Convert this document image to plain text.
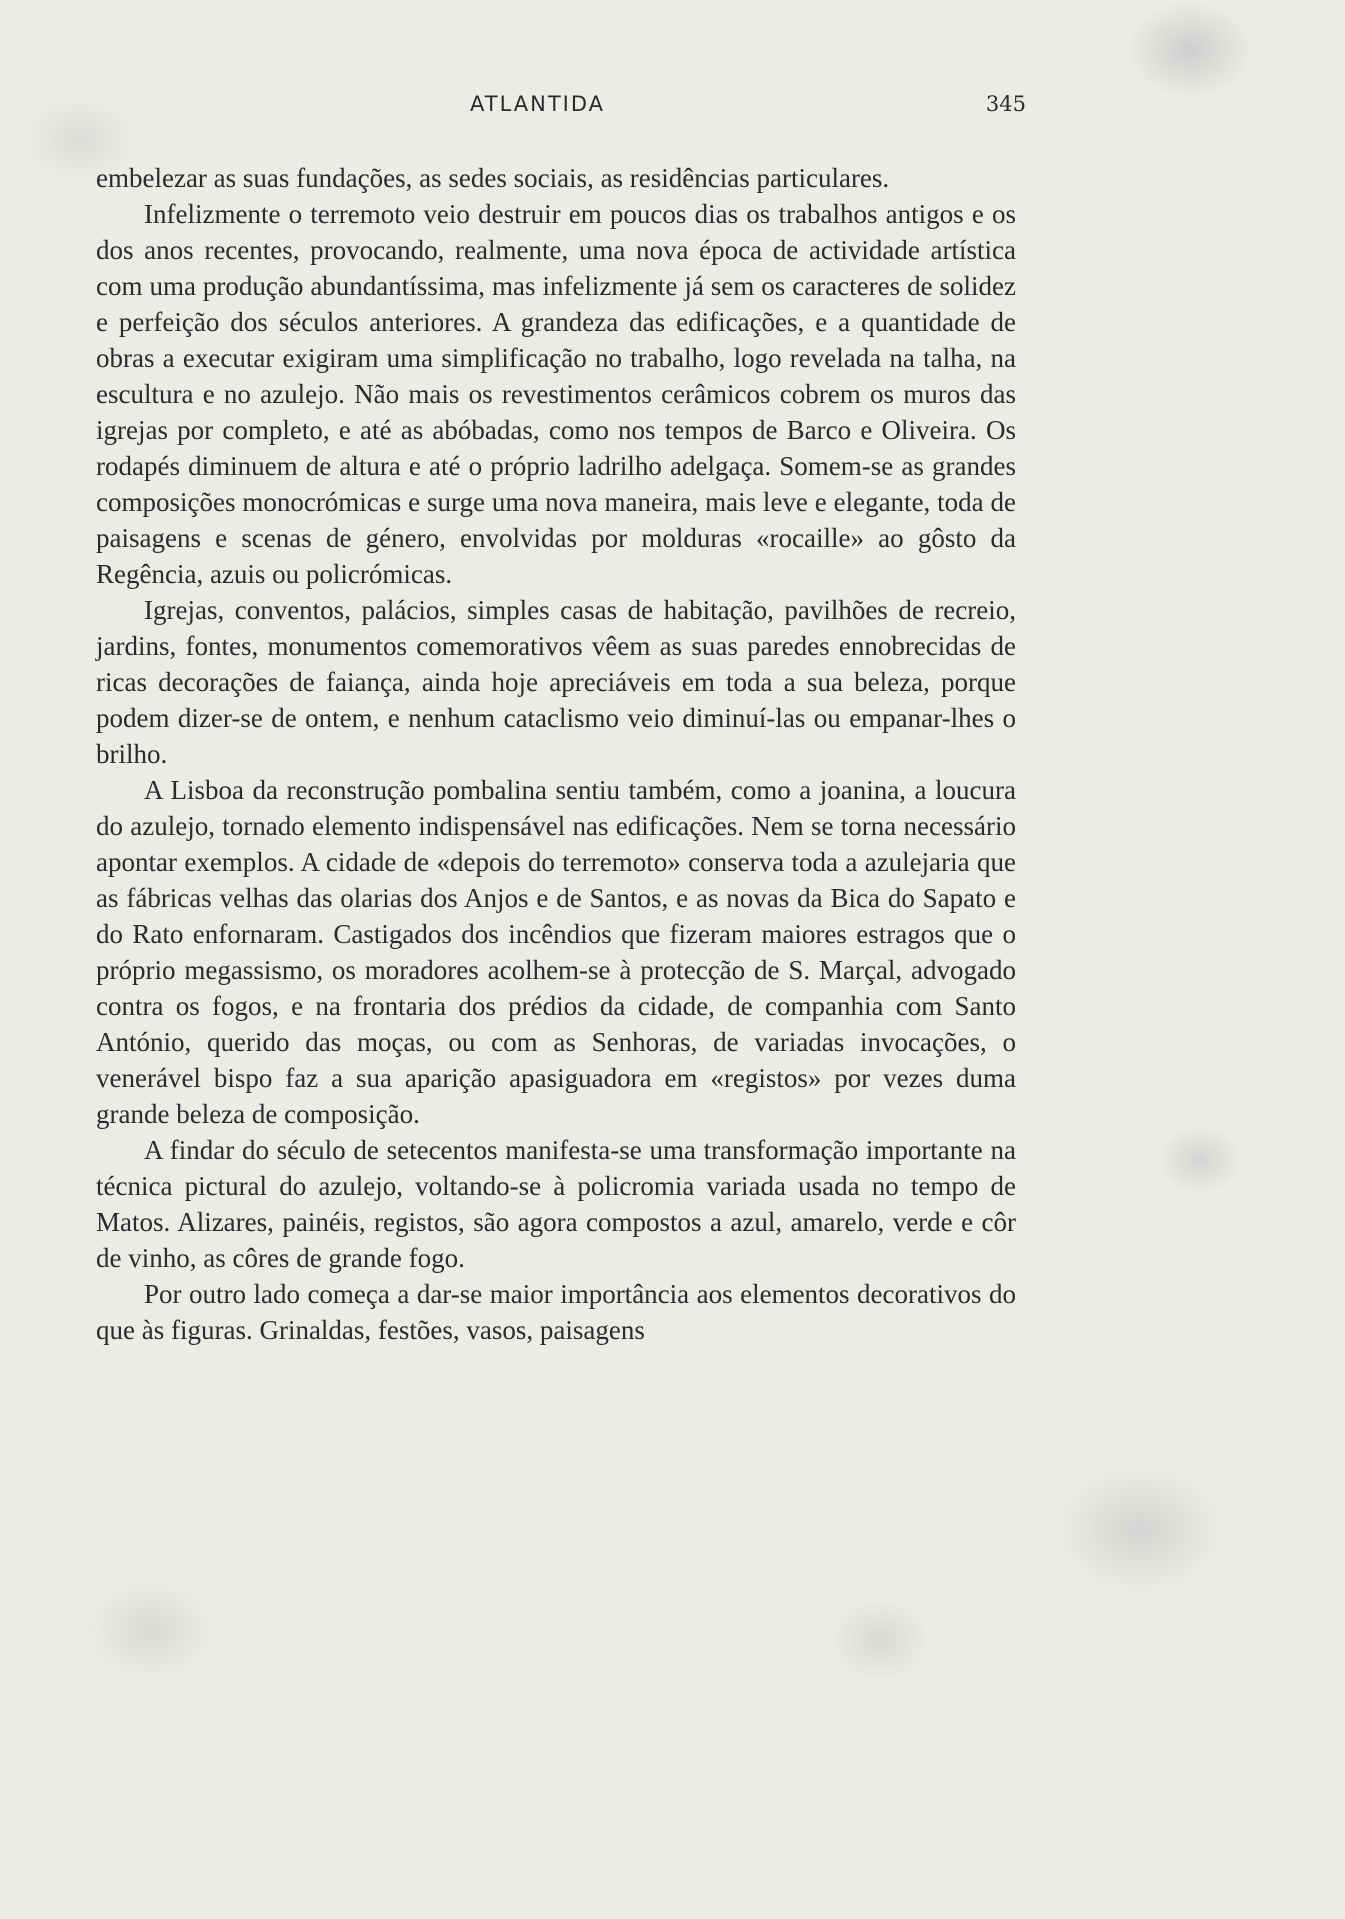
ATLANTIDA	345

embelezar as suas fundações, as sedes sociais, as residências particulares.

Infelizmente o terremoto veio destruir em poucos dias os trabalhos antigos e os dos anos recentes, provocando, realmente, uma nova época de actividade artística com uma produção abundantíssima, mas infelizmente já sem os caracteres de solidez e perfeição dos séculos anteriores. A grandeza das edificações, e a quantidade de obras a executar exigiram uma simplificação no trabalho, logo revelada na talha, na escultura e no azulejo. Não mais os revestimentos cerâmicos cobrem os muros das igrejas por completo, e até as abóbadas, como nos tempos de Barco e Oliveira. Os rodapés diminuem de altura e até o próprio ladrilho adelgaça. Somem-se as grandes composições monocrómicas e surge uma nova maneira, mais leve e elegante, toda de paisagens e scenas de género, envolvidas por molduras «rocaille» ao gôsto da Regência, azuis ou policrómicas.

Igrejas, conventos, palácios, simples casas de habitação, pavilhões de recreio, jardins, fontes, monumentos comemorativos vêem as suas paredes ennobrecidas de ricas decorações de faiança, ainda hoje apreciáveis em toda a sua beleza, porque podem dizer-se de ontem, e nenhum cataclismo veio diminuí-las ou empanar-lhes o brilho.

A Lisboa da reconstrução pombalina sentiu também, como a joanina, a loucura do azulejo, tornado elemento indispensável nas edificações. Nem se torna necessário apontar exemplos. A cidade de «depois do terremoto» conserva toda a azulejaria que as fábricas velhas das olarias dos Anjos e de Santos, e as novas da Bica do Sapato e do Rato enfornaram. Castigados dos incêndios que fizeram maiores estragos que o próprio megassismo, os moradores acolhem-se à protecção de S. Marçal, advogado contra os fogos, e na frontaria dos prédios da cidade, de companhia com Santo António, querido das moças, ou com as Senhoras, de variadas invocações, o venerável bispo faz a sua aparição apasiguadora em «registos» por vezes duma grande beleza de composição.

A findar do século de setecentos manifesta-se uma transformação importante na técnica pictural do azulejo, voltando-se à policromia variada usada no tempo de Matos. Alizares, painéis, registos, são agora compostos a azul, amarelo, verde e côr de vinho, as côres de grande fogo.

Por outro lado começa a dar-se maior importância aos elementos decorativos do que às figuras. Grinaldas, festões, vasos, paisagens
